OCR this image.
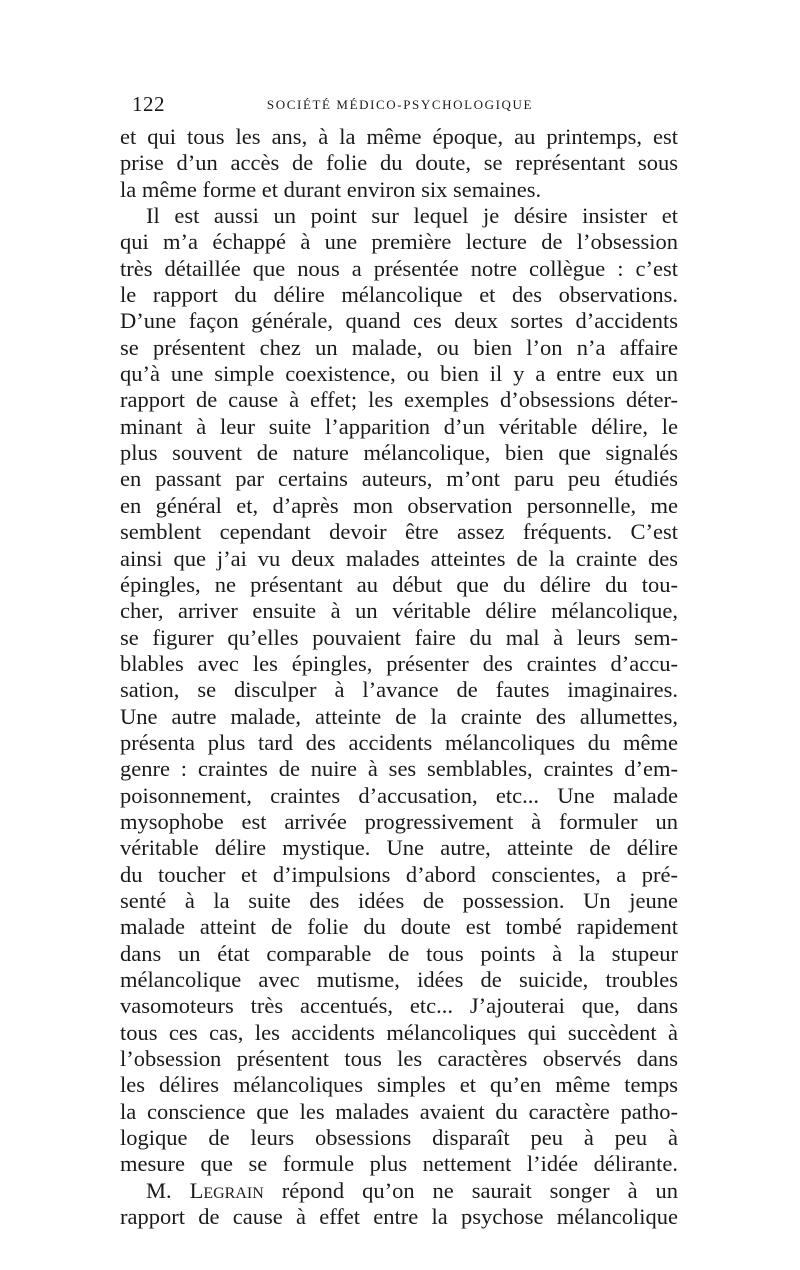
122	SOCIÉTÉ MÉDICO-PSYCHOLOGIQUE
et qui tous les ans, à la même époque, au printemps, est
prise d’un accès de folie du doute, se représentant sous
la même forme et durant environ six semaines.
Il est aussi un point sur lequel je désire insister et
qui m’a échappé à une première lecture de l’obsession
très détaillée que nous a présentée notre collègue : c’est
le rapport du délire mélancolique et des observations.
D’une façon générale, quand ces deux sortes d’accidents
se présentent chez un malade, ou bien l’on n’a affaire
qu’à une simple coexistence, ou bien il y a entre eux un
rapport de cause à effet; les exemples d’obsessions déter-
minant à leur suite l’apparition d’un véritable délire, le
plus souvent de nature mélancolique, bien que signalés
en passant par certains auteurs, m’ont paru peu étudiés
en général et, d’après mon observation personnelle, me
semblent cependant devoir être assez fréquents. C’est
ainsi que j’ai vu deux malades atteintes de la crainte des
épingles, ne présentant au début que du délire du tou-
cher, arriver ensuite à un véritable délire mélancolique,
se figurer qu’elles pouvaient faire du mal à leurs sem-
blables avec les épingles, présenter des craintes d’accu-
sation, se disculper à l’avance de fautes imaginaires.
Une autre malade, atteinte de la crainte des allumettes,
présenta plus tard des accidents mélancoliques du même
genre : craintes de nuire à ses semblables, craintes d’em-
poisonnement, craintes d’accusation, etc... Une malade
mysophobe est arrivée progressivement à formuler un
véritable délire mystique. Une autre, atteinte de délire
du toucher et d’impulsions d’abord conscientes, a pré-
senté à la suite des idées de possession. Un jeune
malade atteint de folie du doute est tombé rapidement
dans un état comparable de tous points à la stupeur
mélancolique avec mutisme, idées de suicide, troubles
vasomoteurs très accentués, etc... J’ajouterai que, dans
tous ces cas, les accidents mélancoliques qui succèdent à
l’obsession présentent tous les caractères observés dans
les délires mélancoliques simples et qu’en même temps
la conscience que les malades avaient du caractère patho-
logique de leurs obsessions disparaît peu à peu à
mesure que se formule plus nettement l’idée délirante.
M. Legrain répond qu’on ne saurait songer à un
rapport de cause à effet entre la psychose mélancolique
